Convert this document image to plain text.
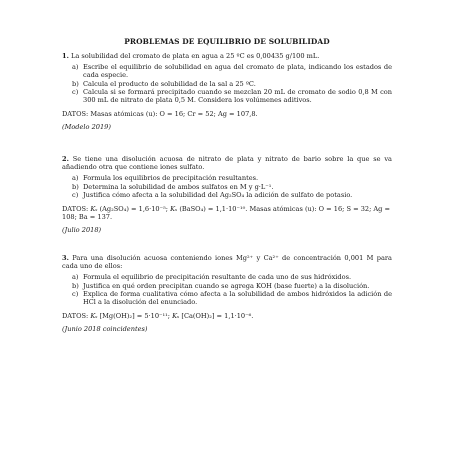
PROBLEMAS DE EQUILIBRIO DE SOLUBILIDAD

1. La solubilidad del cromato de plata en agua a 25 ºC es 0,00435 g/100 mL.

a) Escribe el equilibrio de solubilidad en agua del cromato de plata, indicando los estados de cada especie.
b) Calcula el producto de solubilidad de la sal a 25 ºC.
c) Calcula si se formará precipitado cuando se mezclan 20 mL de cromato de sodio 0,8 M con 300 mL de nitrato de plata 0,5 M. Considera los volúmenes aditivos.

DATOS: Masas atómicas (u): O = 16; Cr = 52; Ag = 107,8.

(Modelo 2019)

2. Se tiene una disolución acuosa de nitrato de plata y nitrato de bario sobre la que se va añadiendo otra que contiene iones sulfato.

a) Formula los equilibrios de precipitación resultantes.
b) Determina la solubilidad de ambos sulfatos en M y g·L⁻¹.
c) Justifica cómo afecta a la solubilidad del Ag₂SO₄ la adición de sulfato de potasio.

DATOS: Kₛ (Ag₂SO₄) = 1,6·10⁻⁵; Kₛ (BaSO₄) = 1,1·10⁻¹⁰. Masas atómicas (u): O = 16; S = 32; Ag = 108; Ba = 137.

(Julio 2018)

3. Para una disolución acuosa conteniendo iones Mg²⁺ y Ca²⁺ de concentración 0,001 M para cada uno de ellos:

a) Formula el equilibrio de precipitación resultante de cada uno de sus hidróxidos.
b) Justifica en qué orden precipitan cuando se agrega KOH (base fuerte) a la disolución.
c) Explica de forma cualitativa cómo afecta a la solubilidad de ambos hidróxidos la adición de HCl a la disolución del enunciado.

DATOS: Kₛ [Mg(OH)₂] = 5·10⁻¹¹; Kₛ [Ca(OH)₂] = 1,1·10⁻⁶.

(Junio 2018 coincidentes)
